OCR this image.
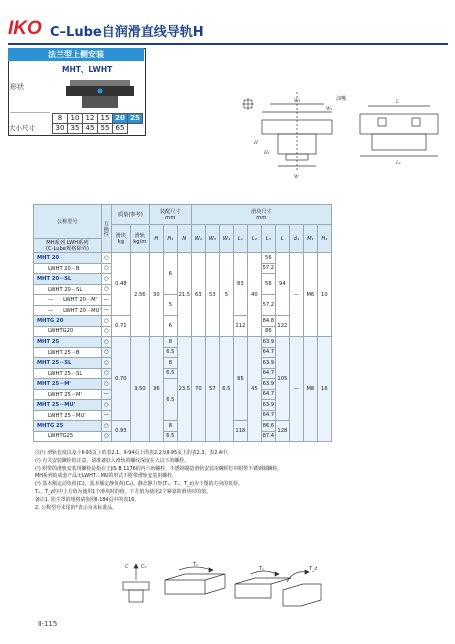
IKO C–Lube自润滑直线导轨H
法兰型上侧安装
MHT、LWHT
形状
大小尺寸
8	10	12	15	20	25
30	35	45	55	65	
W₂
W₃
H
H₁
W
L
L₁
油嘴
公称型号	互换性	质量(参考)		装配尺寸
mm			滑块尺寸
mm									
		滑块
kg	滑轨
kg/m	H	H₁	N	W₂	W₃	W₄	L₁	L₂	L₃	L	d₁	M₁	H₂
MH系列 LWH系列
(C-Lube规格除外)																
MHT 20	○	0.48	2.56	30	6	21.5	63	53	5	83	40	56	94	—	M6	10
LWHT 20－B	○											57.2				
MHT 20－SL	○											56				
LWHT 20－SL	○															
— LWHT 20－M'	—				5							57.2				
— LWHT 20－MU'	—															
MHTG 20	○	0.71			6					112		84.8	122			
LWHTG20	○											86				
MHT 25	○	0.70	3.50	36	8	23.5	70	57	6.5	95	45	63.9	105	—	M8	16
LWHT 25－B	○				6.5							64.7				
MHT 25－SL	○				8							63.9				
LWHT 25－SL	○				6.5							64.7				
MHT 25－M'	○				6.5							63.9				
LWHT 25－M'	—											64.7				
MHT 25－MU'	○											63.9				
LWHT 25－MU'	—											64.7				
MHTG 25	○	0.93			8					118		86.6	128			
LWHTG25	○				6.5							87.4				
注(¹) 滑轨长度以及十Ⅱ-93页上的表2.1、Ⅱ-94页上的表2.2及Ⅱ-95页上的表2.3、表2.4中。
(²) 有关安装螺栓的注意，请准备好入滑轨的螺纹深度在入以下的螺栓。
(³) 附带的滑轨安装用螺栓是指在于JIS B 1176的内六角螺栓。不锈钢制造滑轨安装用螺栓钉中附带不锈钢制螺栓。
MH系列的成套产品无LWHT…MU的形式不附带滑轨安装用螺栓。
(⁴) 基本额定动负荷(Cᵢ)、基本额定静负荷(C₀)、静态静力矩(Tₓ、Tᵧ、T_z)为下图的方向的负荷。
Tₓ、T_z的中上方值为使用1个滑块时的值。下方值为使用2个紧靠的滑块时的值。
备注1. 防尘罩的规格请参照Ⅱ-184页中的表16。
2. 公称型号末尾的*表示为未标准品。
C	C₀	Tₓ
Tᵧ	T_z
Ⅱ-115
